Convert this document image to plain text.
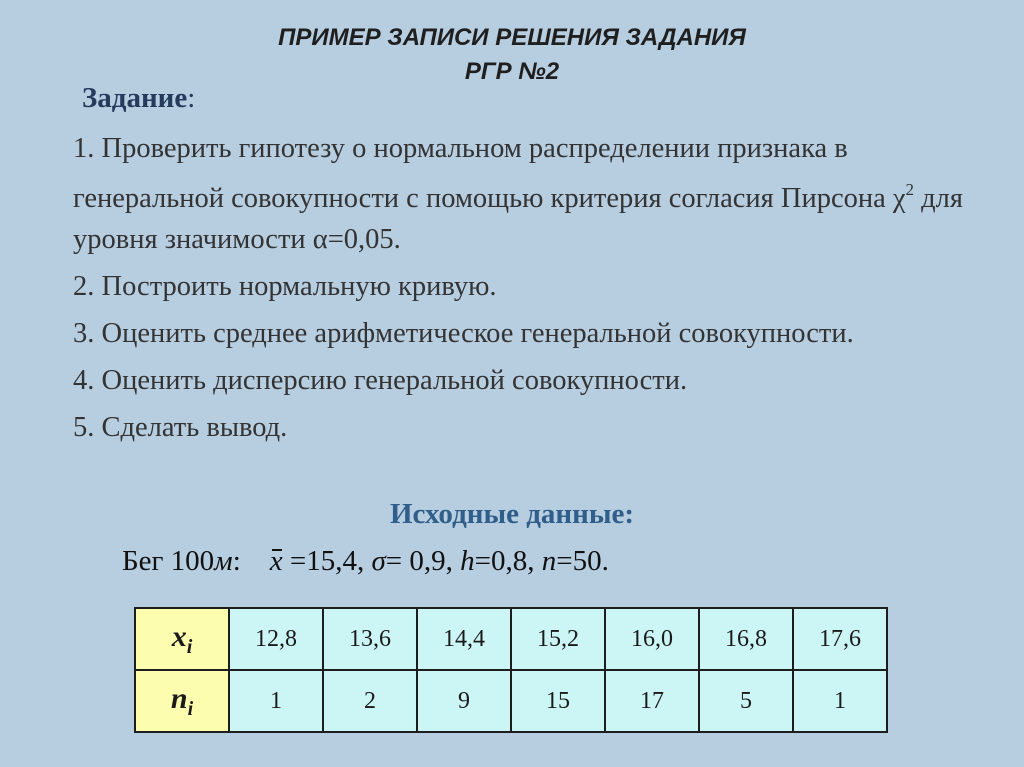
ПРИМЕР ЗАПИСИ РЕШЕНИЯ ЗАДАНИЯ
РГР №2
Задание:

1. Проверить гипотезу о нормальном распределении признака в генеральной совокупности с помощью критерия согласия Пирсона $\chi^2$ для уровня значимости α=0,05.

2. Построить нормальную кривую.

3. Оценить среднее арифметическое генеральной совокупности.

4. Оценить дисперсию генеральной совокупности.

5. Сделать вывод.

Исходные данные:
Бег 100м:    x =15,4, σ= 0,9, h=0,8, n=50.
$x_i$	12,8	13,6	14,4	15,2	16,0	16,8	17,6
$n_i$	1	2	9	15	17	5	1
